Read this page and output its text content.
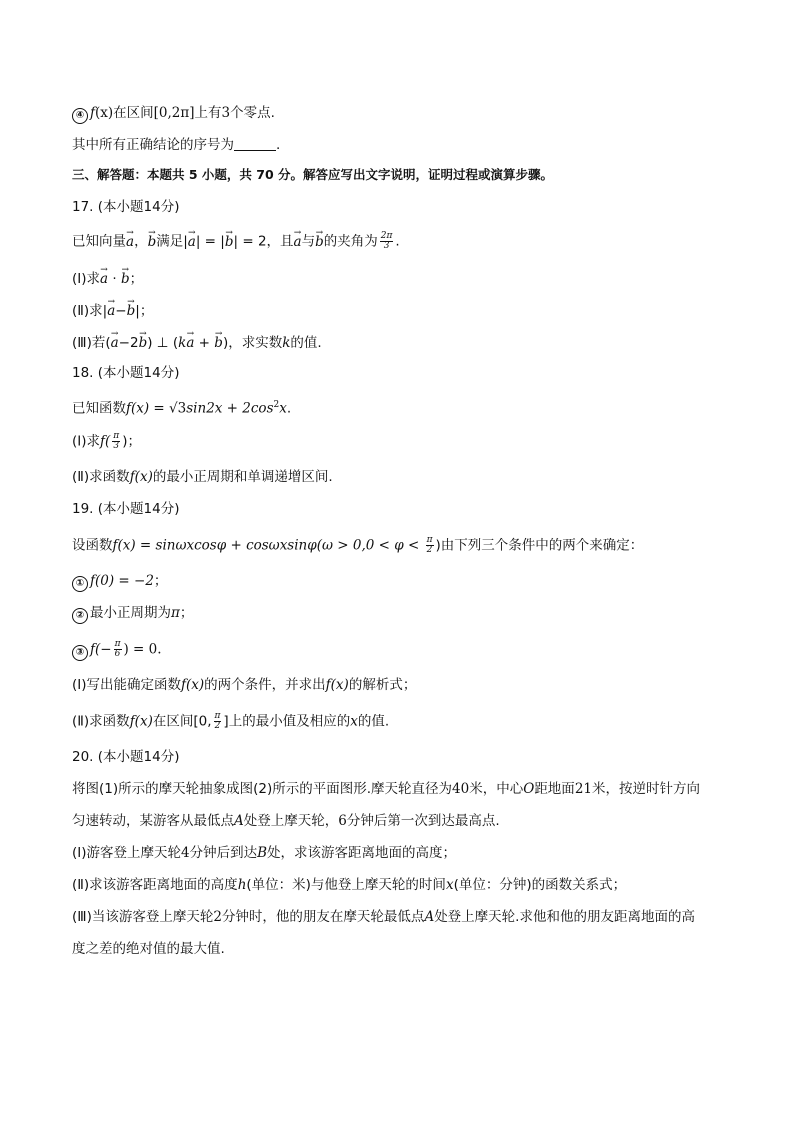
④ f(x)在区间[0,2π]上有3个零点.
其中所有正确结论的序号为	.
三、解答题：本题共 5 小题，共 70 分。解答应写出文字说明，证明过程或演算步骤。
17. (本小题14分)
已知向量→ a，→ b满足|→ a| = |→ b| = 2，且→ a与→ b的夹角为 $\frac{2\pi}{3}$ .
(Ⅰ)求→ a · → b；
(Ⅱ)求|→ a−→ b|；
(Ⅲ)若(→ a−2→ b) ⊥ (k→ a + → b)，求实数k的值.
18. (本小题14分)
已知函数$f(x) = √3\sin 2x + 2\cos^2x$.
(Ⅰ)求$f( \frac{\pi}{3}$ )；
(Ⅱ)求函数f(x)的最小正周期和单调递增区间.
19. (本小题14分)
设函数$f(x) = \sin\omega xcos\varphi + \cos\omega xsin\varphi(\omega > 0,0 < \varphi < \frac{\pi}{2}$ )由下列三个条件中的两个来确定：
① f(0) = −2；
② 最小正周期为π；
③ $f(- \frac{\pi}{6}$ ) = 0.
(Ⅰ)写出能确定函数f(x)的两个条件，并求出f(x)的解析式；
(Ⅱ)求函数f(x)在区间[0, $\frac{\pi}{2}$ ]上的最小值及相应的x的值.
20. (本小题14分)
将图(1)所示的摩天轮抽象成图(2)所示的平面图形.摩天轮直径为40米，中心O距地面21米，按逆时针方向
匀速转动，某游客从最低点A处登上摩天轮，6分钟后第一次到达最高点.
(Ⅰ)游客登上摩天轮4分钟后到达B处，求该游客距离地面的高度；
(Ⅱ)求该游客距离地面的高度h(单位：米)与他登上摩天轮的时间x(单位：分钟)的函数关系式；
(Ⅲ)当该游客登上摩天轮2分钟时，他的朋友在摩天轮最低点A处登上摩天轮.求他和他的朋友距离地面的高
度之差的绝对值的最大值.
